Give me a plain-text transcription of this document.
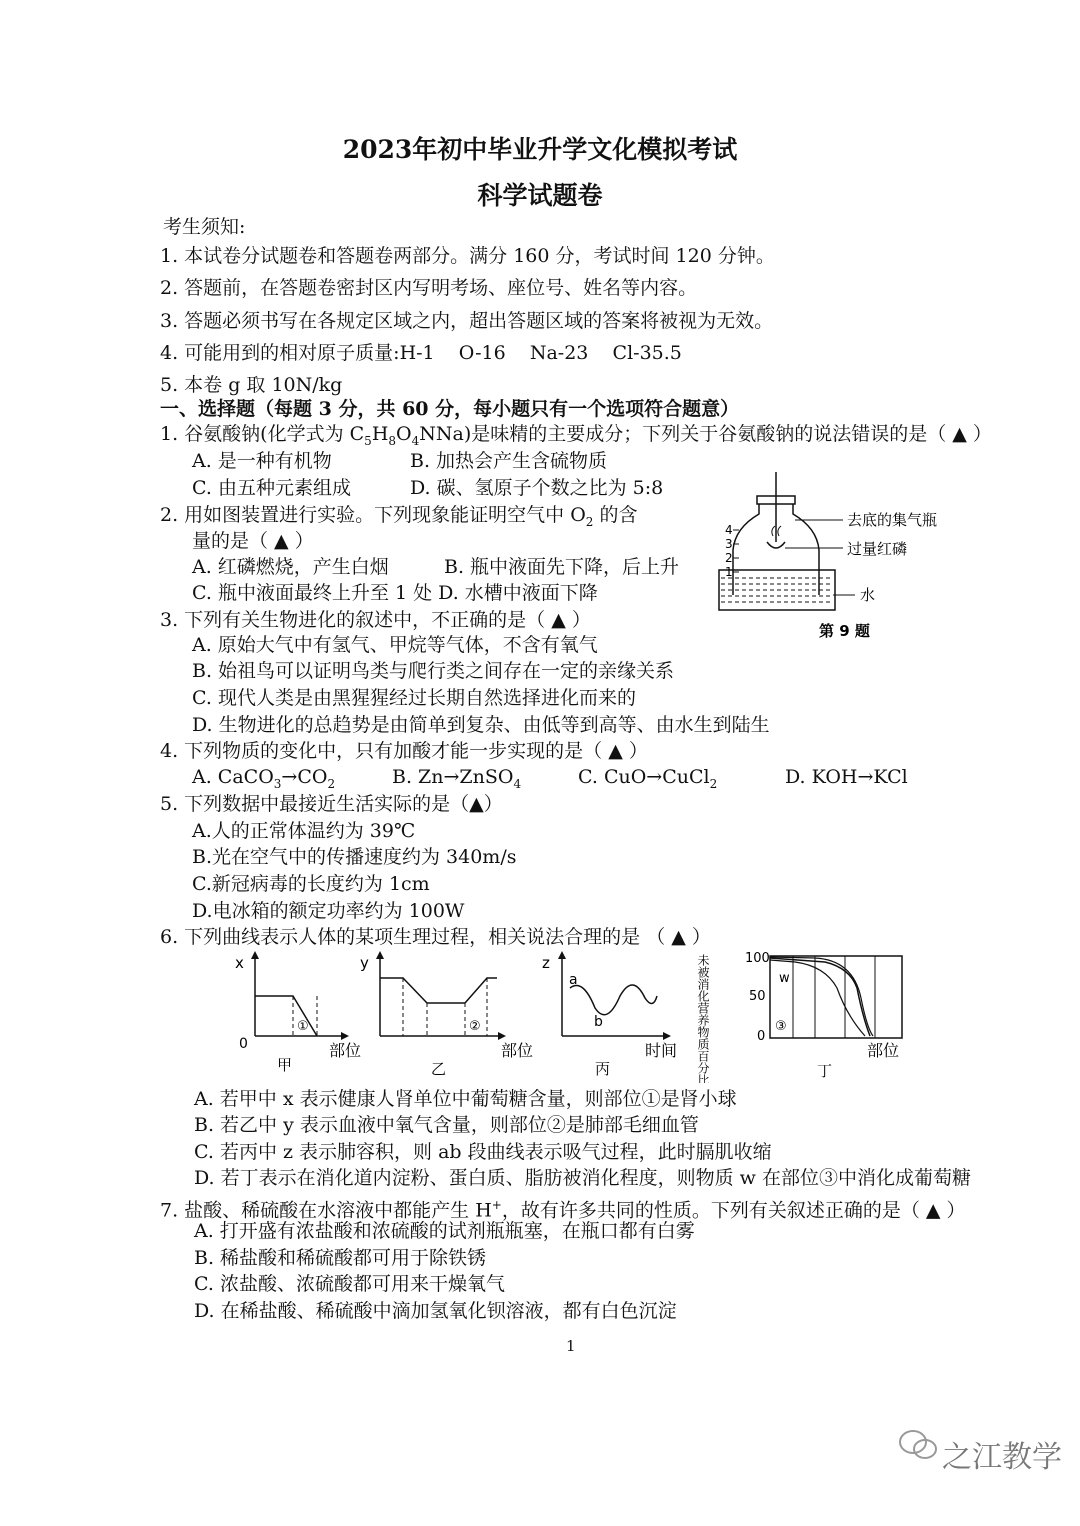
2023年初中毕业升学文化模拟考试
科学试题卷
考生须知:
1. 本试卷分试题卷和答题卷两部分。满分 160 分，考试时间 120 分钟。
2. 答题前，在答题卷密封区内写明考场、座位号、姓名等内容。
3. 答题必须书写在各规定区域之内，超出答题区域的答案将被视为无效。
4. 可能用到的相对原子质量:H-1    O-16    Na-23    Cl-35.5
5. 本卷 g 取 10N/kg
一、选择题（每题 3 分，共 60 分，每小题只有一个选项符合题意）
1. 谷氨酸钠(化学式为 $C_5H_8O_4NNa$)是味精的主要成分；下列关于谷氨酸钠的说法错误的是（ ▲ ）
A. 是一种有机物	B. 加热会产生含硫物质
C. 由五种元素组成	D. 碳、氢原子个数之比为 5:8
2. 用如图装置进行实验。下列现象能证明空气中 $O_2$ 的含
量的是（ ▲ ）
A. 红磷燃烧，产生白烟	B. 瓶中液面先下降，后上升
C. 瓶中液面最终上升至 1 处 D. 水槽中液面下降
4
3
2
1
去底的集气瓶
过量红磷
水
第 9 题
3. 下列有关生物进化的叙述中，不正确的是（ ▲ ）
A. 原始大气中有氢气、甲烷等气体，不含有氧气
B. 始祖鸟可以证明鸟类与爬行类之间存在一定的亲缘关系
C. 现代人类是由黑猩猩经过长期自然选择进化而来的
D. 生物进化的总趋势是由简单到复杂、由低等到高等、由水生到陆生
4. 下列物质的变化中，只有加酸才能一步实现的是（ ▲ ）
A. $CaCO_3\to CO_2$	B. Zn→ZnSO$_4$	C. CuO→CuCl$_2$	D. KOH→KCl
5. 下列数据中最接近生活实际的是（▲）
A.人的正常体温约为 39℃
B.光在空气中的传播速度约为 340m/s
C.新冠病毒的长度约为 1cm
D.电冰箱的额定功率约为 100W
6. 下列曲线表示人体的某项生理过程，相关说法合理的是 （ ▲ ）
x
0
①
部位
甲
y
②
部位
乙
z
a
b
时间
丙	未被消化营养物质百分比%	100
50
0
w
③
部位
丁
A. 若甲中 x 表示健康人肾单位中葡萄糖含量，则部位①是肾小球
B. 若乙中 y 表示血液中氧气含量，则部位②是肺部毛细血管
C. 若丙中 z 表示肺容积，则 ab 段曲线表示吸气过程，此时膈肌收缩
D. 若丁表示在消化道内淀粉、蛋白质、脂肪被消化程度，则物质 w 在部位③中消化成葡萄糖
7. 盐酸、稀硫酸在水溶液中都能产生 H+，故有许多共同的性质。下列有关叙述正确的是（ ▲ ）
A. 打开盛有浓盐酸和浓硫酸的试剂瓶瓶塞，在瓶口都有白雾
B. 稀盐酸和稀硫酸都可用于除铁锈
C. 浓盐酸、浓硫酸都可用来干燥氧气
D. 在稀盐酸、稀硫酸中滴加氢氧化钡溶液，都有白色沉淀
1
之江教学
